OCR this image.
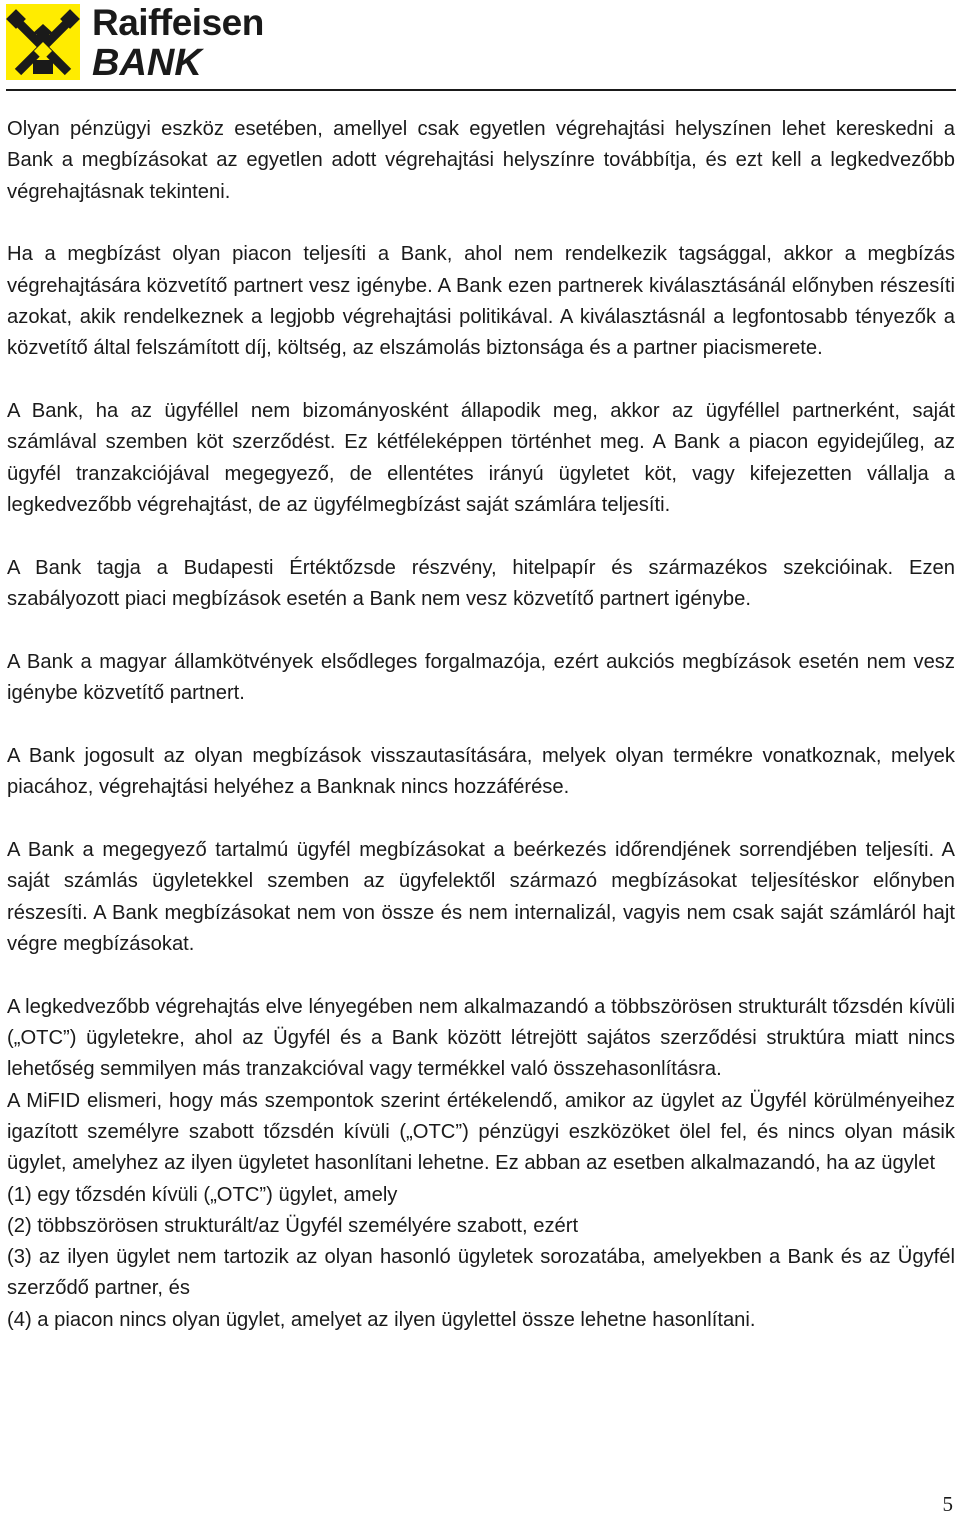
Raiffeisen
BANK

Olyan pénzügyi eszköz esetében, amellyel csak egyetlen végrehajtási helyszínen lehet kereskedni a Bank a megbízásokat az egyetlen adott végrehajtási helyszínre továbbítja, és ezt kell a legkedvezőbb végrehajtásnak tekinteni.

Ha a megbízást olyan piacon teljesíti a Bank, ahol nem rendelkezik tagsággal, akkor a megbízás végrehajtására közvetítő partnert vesz igénybe. A Bank ezen partnerek kiválasztásánál előnyben részesíti azokat, akik rendelkeznek a legjobb végrehajtási politikával. A kiválasztásnál a legfontosabb tényezők a közvetítő által felszámított díj, költség, az elszámolás biztonsága és a partner piacismerete.

A Bank, ha az ügyféllel nem bizományosként állapodik meg, akkor az ügyféllel partnerként, saját számlával szemben köt szerződést. Ez kétféleképpen történhet meg. A Bank a piacon egyidejűleg, az ügyfél tranzakciójával megegyező, de ellentétes irányú ügyletet köt, vagy kifejezetten vállalja a legkedvezőbb végrehajtást, de az ügyfélmegbízást saját számlára teljesíti.

A Bank tagja a Budapesti Értéktőzsde részvény, hitelpapír és származékos szekcióinak. Ezen szabályozott piaci megbízások esetén a Bank nem vesz közvetítő partnert igénybe.

A Bank a magyar államkötvények elsődleges forgalmazója, ezért aukciós megbízások esetén nem vesz igénybe közvetítő partnert.

A Bank jogosult az olyan megbízások visszautasítására, melyek olyan termékre vonatkoznak, melyek piacához, végrehajtási helyéhez a Banknak nincs hozzáférése.

A Bank a megegyező tartalmú ügyfél megbízásokat a beérkezés időrendjének sorrendjében teljesíti. A saját számlás ügyletekkel szemben az ügyfelektől származó megbízásokat teljesítéskor előnyben részesíti. A Bank megbízásokat nem von össze és nem internalizál, vagyis nem csak saját számláról hajt végre megbízásokat.

A legkedvezőbb végrehajtás elve lényegében nem alkalmazandó a többszörösen strukturált tőzsdén kívüli („OTC”) ügyletekre, ahol az Ügyfél és a Bank között létrejött sajátos szerződési struktúra miatt nincs lehetőség semmilyen más tranzakcióval vagy termékkel való összehasonlításra.

A MiFID elismeri, hogy más szempontok szerint értékelendő, amikor az ügylet az Ügyfél körülményeihez igazított személyre szabott tőzsdén kívüli („OTC”) pénzügyi eszközöket ölel fel, és nincs olyan másik ügylet, amelyhez az ilyen ügyletet hasonlítani lehetne. Ez abban az esetben alkalmazandó, ha az ügylet

(1) egy tőzsdén kívüli („OTC”) ügylet, amely

(2) többszörösen strukturált/az Ügyfél személyére szabott, ezért

(3) az ilyen ügylet nem tartozik az olyan hasonló ügyletek sorozatába, amelyekben a Bank és az Ügyfél szerződő partner, és

(4) a piacon nincs olyan ügylet, amelyet az ilyen ügylettel össze lehetne hasonlítani.

5
